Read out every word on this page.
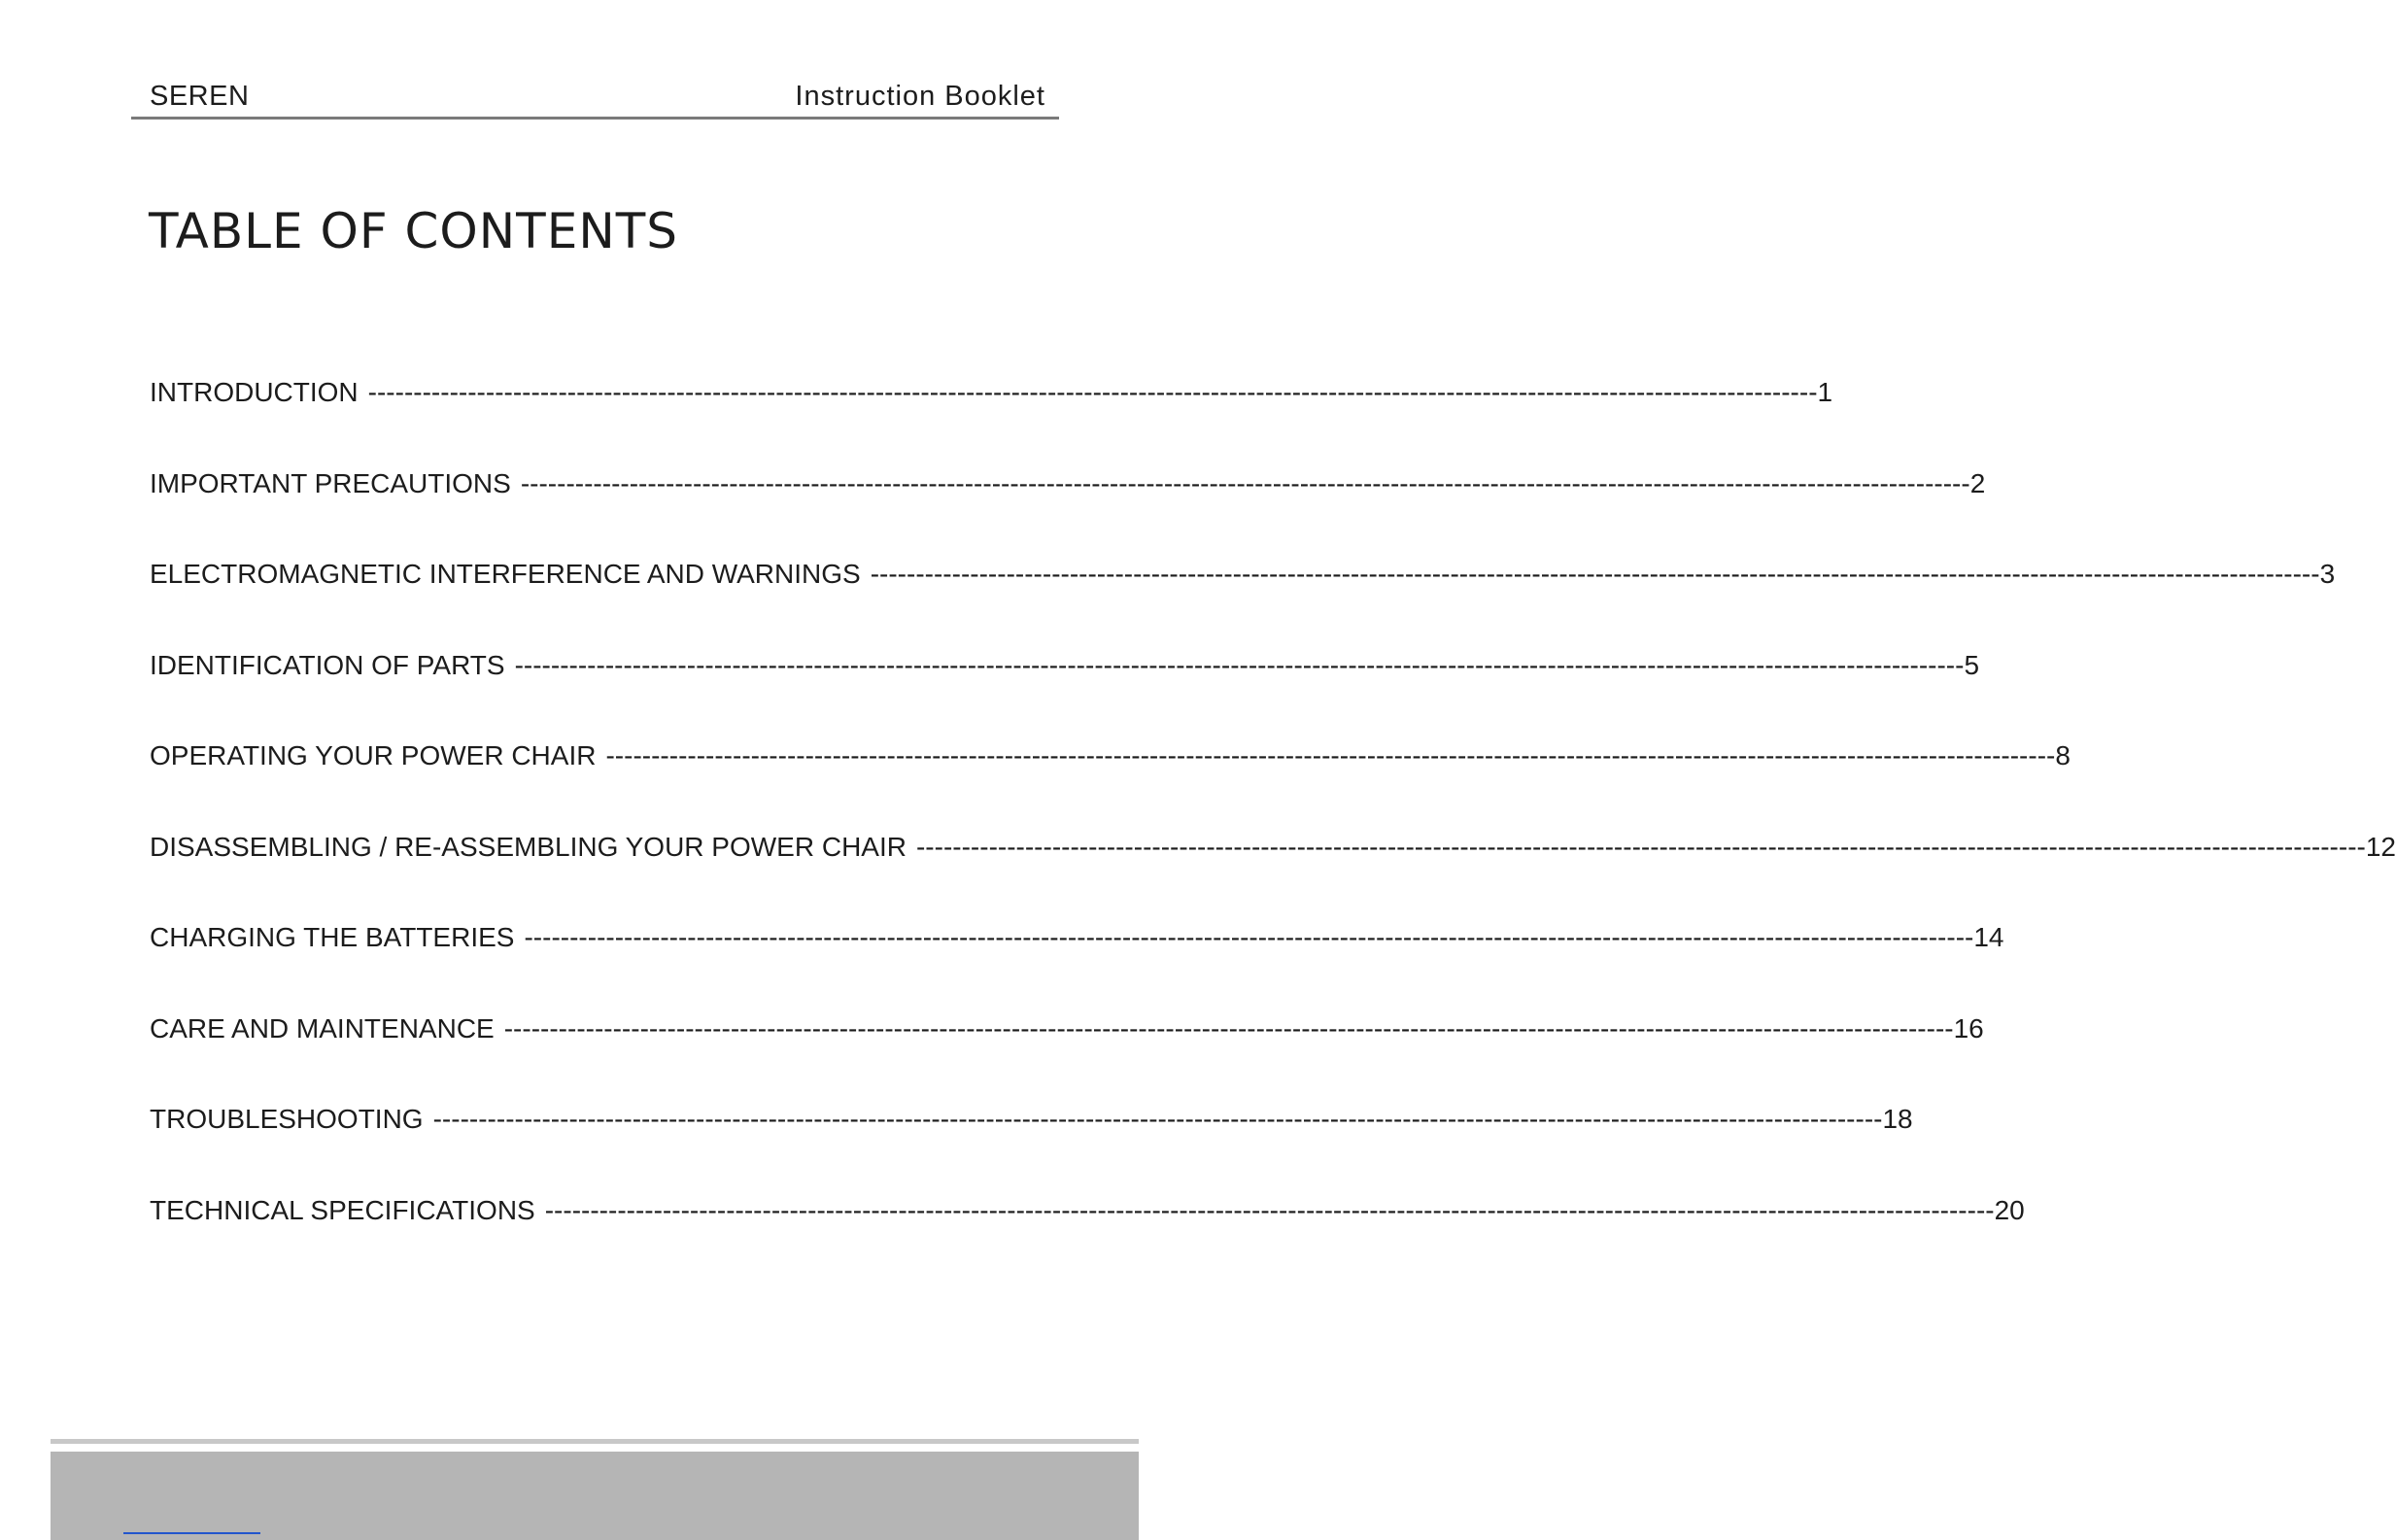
SEREN	Instruction Booklet
TABLE OF CONTENTS
INTRODUCTION ---------------------------------------------------------------------------------------------------------------------------------------------------------------- 1
IMPORTANT PRECAUTIONS ---------------------------------------------------------------------------------------------------------------------------------------------------------------- 2
ELECTROMAGNETIC INTERFERENCE AND WARNINGS ---------------------------------------------------------------------------------------------------------------------------------------------------------------- 3
IDENTIFICATION OF PARTS ---------------------------------------------------------------------------------------------------------------------------------------------------------------- 5
OPERATING YOUR POWER CHAIR ---------------------------------------------------------------------------------------------------------------------------------------------------------------- 8
DISASSEMBLING / RE-ASSEMBLING YOUR POWER CHAIR ---------------------------------------------------------------------------------------------------------------------------------------------------------------- 12
CHARGING THE BATTERIES ---------------------------------------------------------------------------------------------------------------------------------------------------------------- 14
CARE AND MAINTENANCE ---------------------------------------------------------------------------------------------------------------------------------------------------------------- 16
TROUBLESHOOTING ---------------------------------------------------------------------------------------------------------------------------------------------------------------- 18
TECHNICAL SPECIFICATIONS ---------------------------------------------------------------------------------------------------------------------------------------------------------------- 20
